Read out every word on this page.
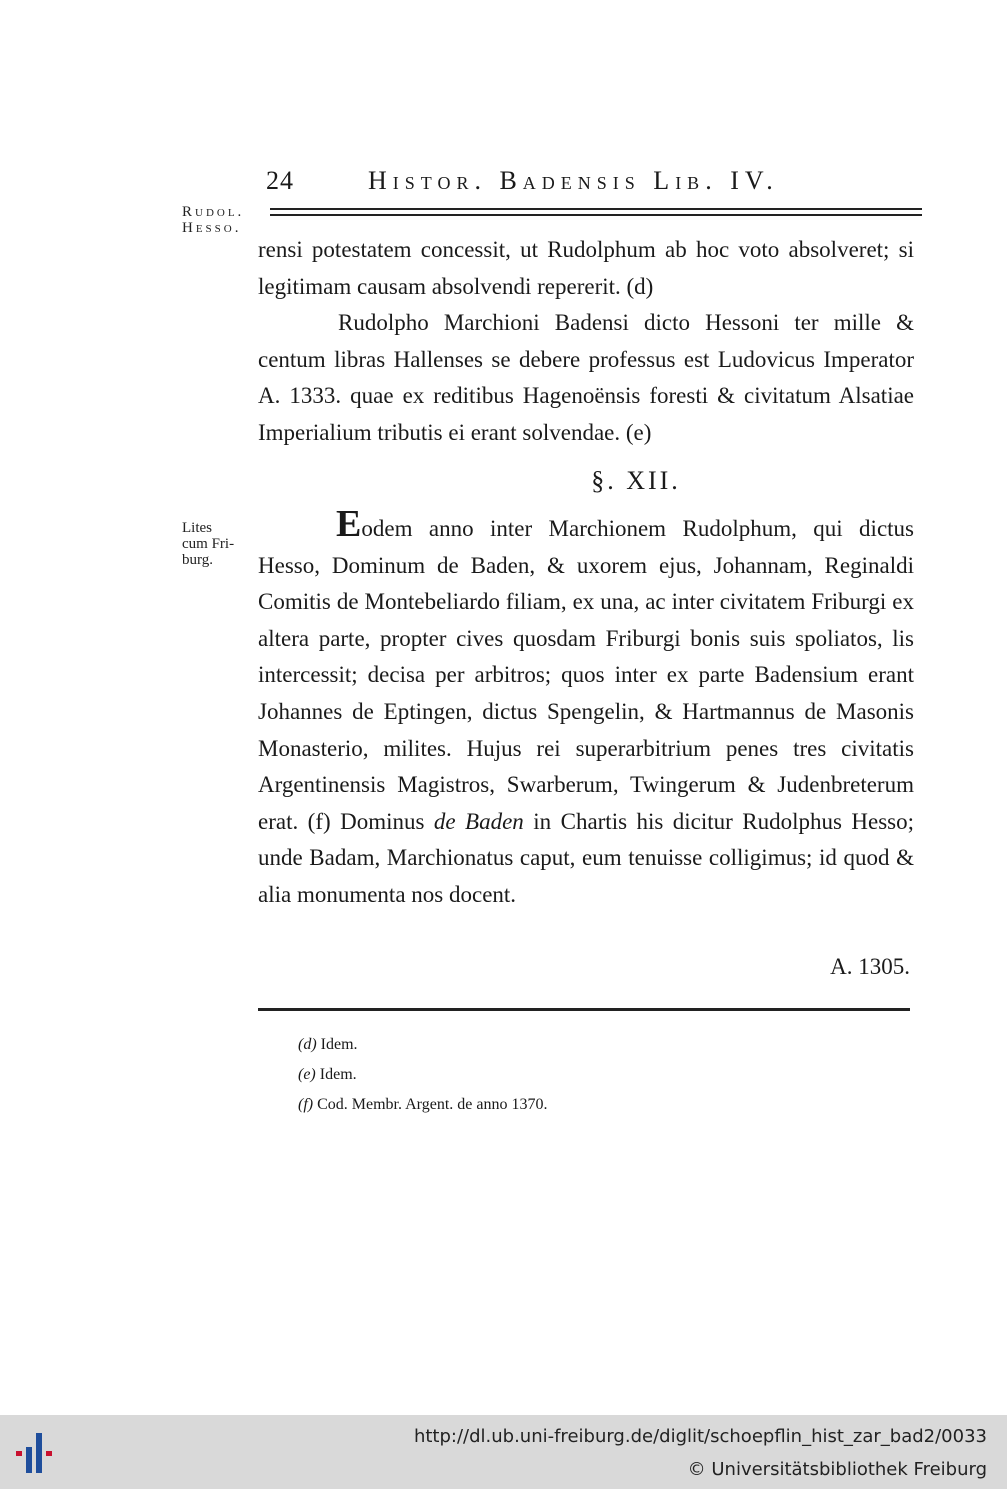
24	Histor. Badensis Lib. IV.
Rudol.
Hesso.

rensi potestatem concessit, ut Rudolphum ab hoc voto absolveret; si legitimam causam absolvendi repererit. (d)

Rudolpho Marchioni Badensi dicto Hessoni ter mille & centum libras Hallenses se debere professus est Ludovicus Imperator A. 1333. quae ex reditibus Hagenoënsis foresti & civitatum Alsatiae Imperialium tributis ei erant solvendae. (e)

§. XII.
Lites
cum Fri-
burg.

Eodem anno inter Marchionem Rudolphum, qui dictus Hesso, Dominum de Baden, & uxorem ejus, Johannam, Reginaldi Comitis de Montebeliardo filiam, ex una, ac inter civitatem Friburgi ex altera parte, propter cives quosdam Friburgi bonis suis spoliatos, lis intercessit; decisa per arbitros; quos inter ex parte Badensium erant Johannes de Eptingen, dictus Spengelin, & Hartmannus de Masonis Monasterio, milites. Hujus rei superarbitrium penes tres civitatis Argentinensis Magistros, Swarberum, Twingerum & Judenbreterum erat. (f) Dominus de Baden in Chartis his dicitur Rudolphus Hesso; unde Badam, Marchionatus caput, eum tenuisse colligimus; id quod & alia monumenta nos docent.

A. 1305.
(d) Idem.
(e) Idem.
(f) Cod. Membr. Argent. de anno 1370.
http://dl.ub.uni-freiburg.de/diglit/schoepflin_hist_zar_bad2/0033
© Universitätsbibliothek Freiburg
